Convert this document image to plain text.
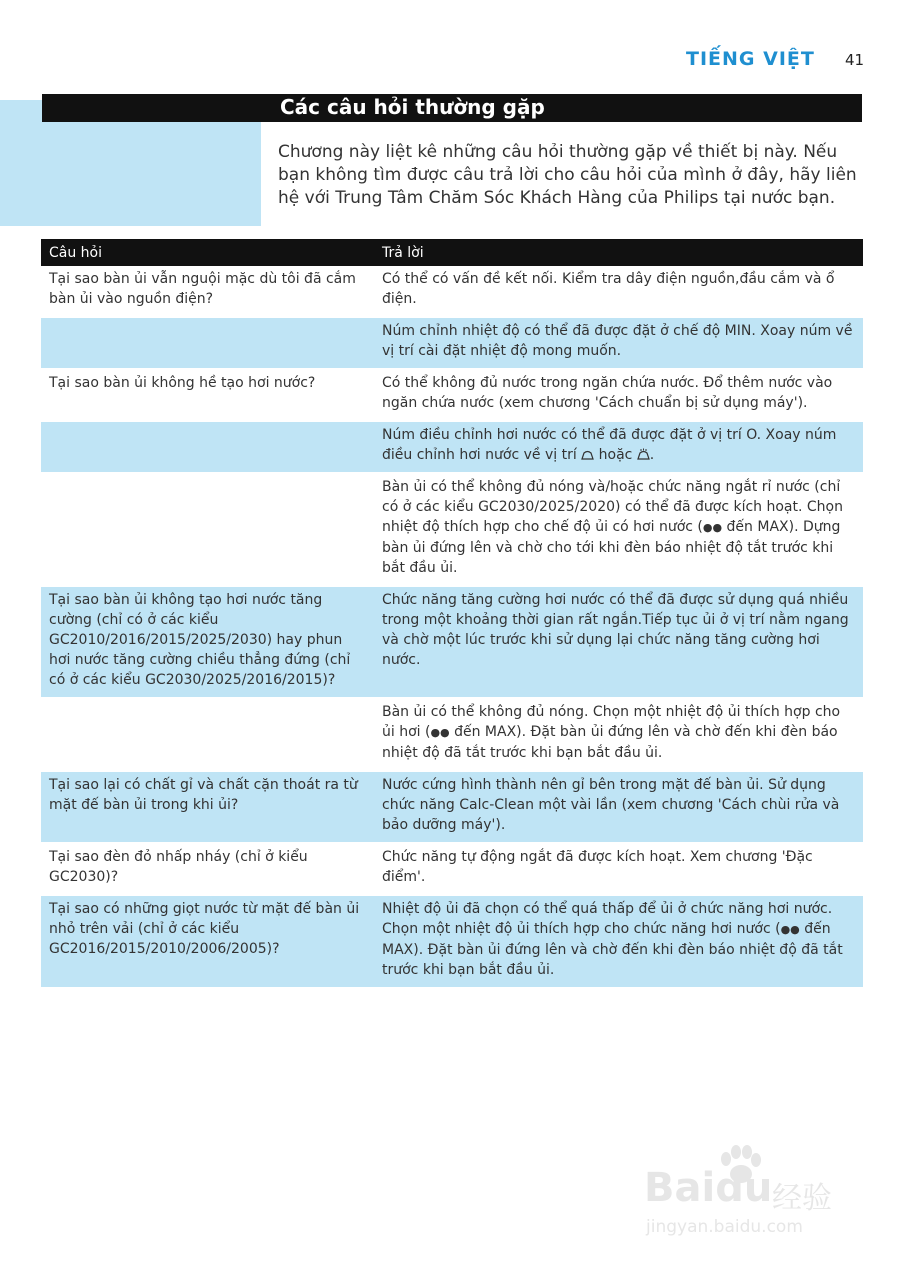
TIẾNG VIỆT 41
Các câu hỏi thường gặp
Chương này liệt kê những câu hỏi thường gặp về thiết bị này. Nếu bạn không tìm được câu trả lời cho câu hỏi của mình ở đây, hãy liên hệ với Trung Tâm Chăm Sóc Khách Hàng của Philips tại nước bạn.
Câu hỏi	Trả lời
Tại sao bàn ủi vẫn nguội mặc dù tôi đã cắm bàn ủi vào nguồn điện?	Có thể có vấn đề kết nối. Kiểm tra dây điện nguồn,đầu cắm và ổ điện.
	Núm chỉnh nhiệt độ có thể đã được đặt ở chế độ MIN. Xoay núm về vị trí cài đặt nhiệt độ mong muốn.
Tại sao bàn ủi không hề tạo hơi nước?	Có thể không đủ nước trong ngăn chứa nước. Đổ thêm nước vào ngăn chứa nước (xem chương 'Cách chuẩn bị sử dụng máy').
	Núm điều chỉnh hơi nước có thể đã được đặt ở vị trí O. Xoay núm điều chỉnh hơi nước về vị trí hoặc .
	Bàn ủi có thể không đủ nóng và/hoặc chức năng ngắt rỉ nước (chỉ có ở các kiểu GC2030/2025/2020) có thể đã được kích hoạt. Chọn nhiệt độ thích hợp cho chế độ ủi có hơi nước (●● đến MAX). Dựng bàn ủi đứng lên và chờ cho tới khi đèn báo nhiệt độ tắt trước khi bắt đầu ủi.
Tại sao bàn ủi không tạo hơi nước tăng cường (chỉ có ở các kiểu GC2010/2016/2015/2025/2030) hay phun hơi nước tăng cường chiều thẳng đứng (chỉ có ở các kiểu GC2030/2025/2016/2015)?	Chức năng tăng cường hơi nước có thể đã được sử dụng quá nhiều trong một khoảng thời gian rất ngắn.Tiếp tục ủi ở vị trí nằm ngang và chờ một lúc trước khi sử dụng lại chức năng tăng cường hơi nước.
	Bàn ủi có thể không đủ nóng. Chọn một nhiệt độ ủi thích hợp cho ủi hơi (●● đến MAX). Đặt bàn ủi đứng lên và chờ đến khi đèn báo nhiệt độ đã tắt trước khi bạn bắt đầu ủi.
Tại sao lại có chất gỉ và chất cặn thoát ra từ mặt đế bàn ủi trong khi ủi?	Nước cứng hình thành nên gỉ bên trong mặt đế bàn ủi. Sử dụng chức năng Calc-Clean một vài lần (xem chương 'Cách chùi rửa và bảo dưỡng máy').
Tại sao đèn đỏ nhấp nháy (chỉ ở kiểu GC2030)?	Chức năng tự động ngắt đã được kích hoạt. Xem chương 'Đặc điểm'.
Tại sao có những giọt nước từ mặt đế bàn ủi nhỏ trên vải (chỉ ở các kiểu GC2016/2015/2010/2006/2005)?	Nhiệt độ ủi đã chọn có thể quá thấp để ủi ở chức năng hơi nước. Chọn một nhiệt độ ủi thích hợp cho chức năng hơi nước (●● đến MAX). Đặt bàn ủi đứng lên và chờ đến khi đèn báo nhiệt độ đã tắt trước khi bạn bắt đầu ủi.
Baidu 经验
jingyan.baidu.com
